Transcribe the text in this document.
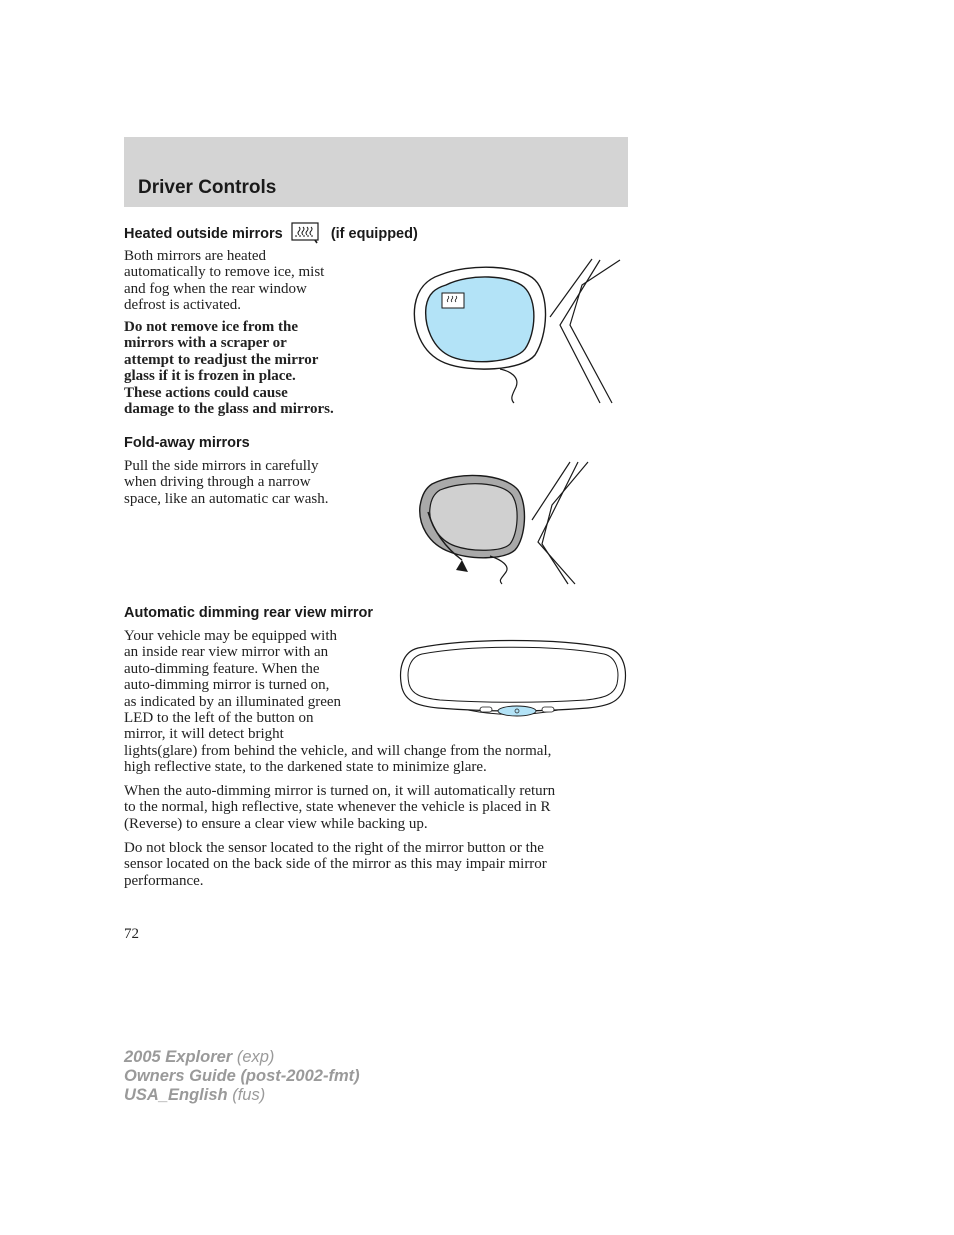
Driver Controls
Heated outside mirrors	(if equipped)
Both mirrors are heated
automatically to remove ice, mist
and fog when the rear window
defrost is activated.
Do not remove ice from the
mirrors with a scraper or
attempt to readjust the mirror
glass if it is frozen in place.
These actions could cause
damage to the glass and mirrors.
Fold-away mirrors
Pull the side mirrors in carefully
when driving through a narrow
space, like an automatic car wash.
Automatic dimming rear view mirror
Your vehicle may be equipped with
an inside rear view mirror with an
auto-dimming feature. When the
auto-dimming mirror is turned on,
as indicated by an illuminated green
LED to the left of the button on
mirror, it will detect bright
lights(glare) from behind the vehicle, and will change from the normal,
high reflective state, to the darkened state to minimize glare.
When the auto-dimming mirror is turned on, it will automatically return
to the normal, high reflective, state whenever the vehicle is placed in R
(Reverse) to ensure a clear view while backing up.
Do not block the sensor located to the right of the mirror button or the
sensor located on the back side of the mirror as this may impair mirror
performance.
72
2005 Explorer (exp)
Owners Guide (post-2002-fmt)
USA_English (fus)
